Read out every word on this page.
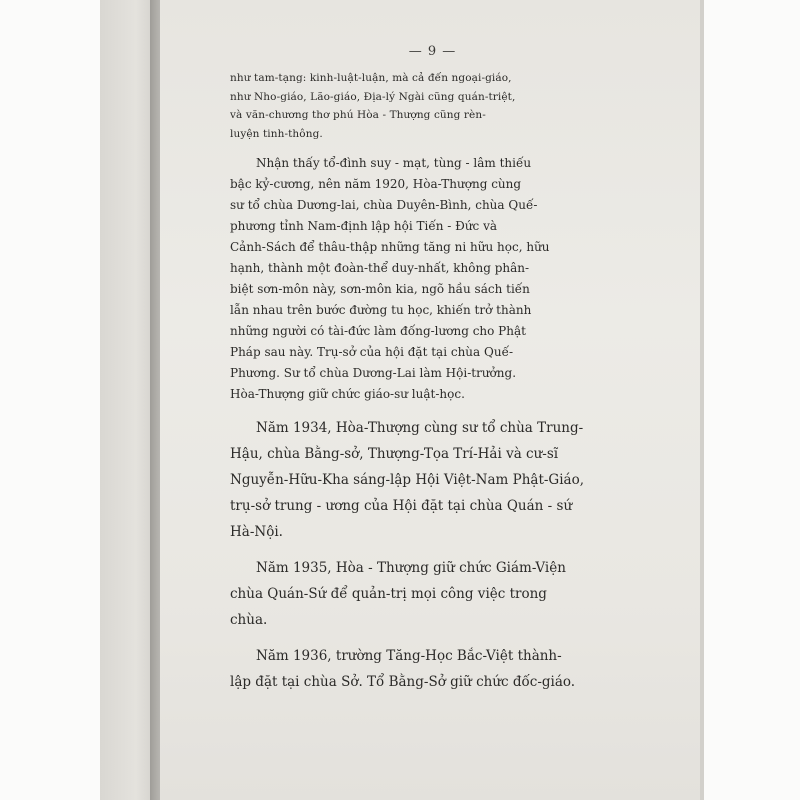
— 9 —
như tam-tạng: kinh-luật-luận, mà cả đến ngoại-giáo,
như Nho-giáo, Lão-giáo, Địa-lý Ngài cũng quán-triệt,
và văn-chương thơ phú Hòa - Thượng cũng rèn-
luyện tinh-thông.
Nhận thấy tổ-đình suy - mạt, tùng - lâm thiếu
bậc kỷ-cương, nên năm 1920, Hòa-Thượng cùng
sư tổ chùa Dương-lai, chùa Duyên-Bình, chùa Quế-
phương tỉnh Nam-định lập hội Tiến - Đức và
Cảnh-Sách để thâu-thập những tăng ni hữu học, hữu
hạnh, thành một đoàn-thể duy-nhất, không phân-
biệt sơn-môn này, sơn-môn kia, ngõ hầu sách tiến
lẫn nhau trên bước đường tu học, khiến trở thành
những người có tài-đức làm đống-lương cho Phật
Pháp sau này. Trụ-sở của hội đặt tại chùa Quế-
Phương. Sư tổ chùa Dương-Lai làm Hội-trưởng.
Hòa-Thượng giữ chức giáo-sư luật-học.
Năm 1934, Hòa-Thượng cùng sư tổ chùa Trung-
Hậu, chùa Bằng-sở, Thượng-Tọa Trí-Hải và cư-sĩ
Nguyễn-Hữu-Kha sáng-lập Hội Việt-Nam Phật-Giáo,
trụ-sở trung - ương của Hội đặt tại chùa Quán - sứ
Hà-Nội.
Năm 1935, Hòa - Thượng giữ chức Giám-Viện
chùa Quán-Sứ để quản-trị mọi công việc trong
chùa.
Năm 1936, trường Tăng-Học Bắc-Việt thành-
lập đặt tại chùa Sở. Tổ Bằng-Sở giữ chức đốc-giáo.
